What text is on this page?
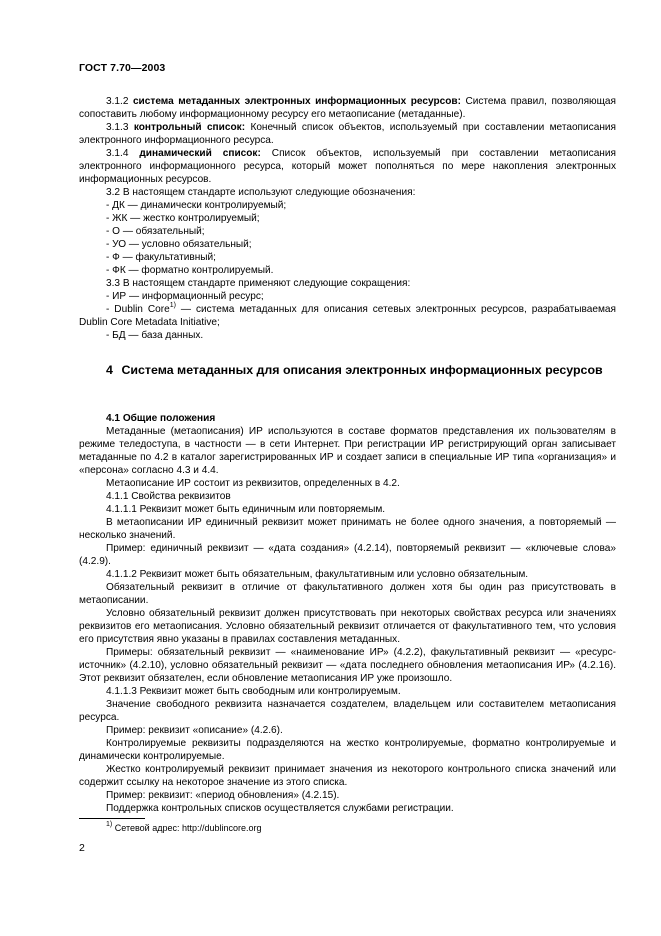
ГОСТ 7.70—2003

3.1.2 система метаданных электронных информационных ресурсов: Система правил, позволяющая сопоставить любому информационному ресурсу его метаописание (метаданные).

3.1.3 контрольный список: Конечный список объектов, используемый при составлении метаописания электронного информационного ресурса.

3.1.4 динамический список: Список объектов, используемый при составлении метаописания электронного информационного ресурса, который может пополняться по мере накопления электронных информационных ресурсов.

3.2 В настоящем стандарте используют следующие обозначения:

- ДК — динамически контролируемый;

- ЖК — жестко контролируемый;

- О — обязательный;

- УО — условно обязательный;

- Ф — факультативный;

- ФК — форматно контролируемый.

3.3 В настоящем стандарте применяют следующие сокращения:

- ИР — информационный ресурс;

- Dublin Core$^{1)}$ — система метаданных для описания сетевых электронных ресурсов, разрабатываемая Dublin Core Metadata Initiative;

- БД — база данных.

4 Система метаданных для описания электронных информационных ресурсов

4.1 Общие положения

Метаданные (метаописания) ИР используются в составе форматов представления их пользователям в режиме теледоступа, в частности — в сети Интернет. При регистрации ИР регистрирующий орган записывает метаданные по 4.2 в каталог зарегистрированных ИР и создает записи в специальные ИР типа «организация» и «персона» согласно 4.3 и 4.4.

Метаописание ИР состоит из реквизитов, определенных в 4.2.

4.1.1 Свойства реквизитов

4.1.1.1 Реквизит может быть единичным или повторяемым.

В метаописании ИР единичный реквизит может принимать не более одного значения, а повторяемый — несколько значений.

Пример: единичный реквизит — «дата создания» (4.2.14), повторяемый реквизит — «ключевые слова» (4.2.9).

4.1.1.2 Реквизит может быть обязательным, факультативным или условно обязательным.

Обязательный реквизит в отличие от факультативного должен хотя бы один раз присутствовать в метаописании.

Условно обязательный реквизит должен присутствовать при некоторых свойствах ресурса или значениях реквизитов его метаописания. Условно обязательный реквизит отличается от факультативного тем, что условия его присутствия явно указаны в правилах составления метаданных.

Примеры: обязательный реквизит — «наименование ИР» (4.2.2), факультативный реквизит — «ресурс-источник» (4.2.10), условно обязательный реквизит — «дата последнего обновления метаописания ИР» (4.2.16). Этот реквизит обязателен, если обновление метаописания ИР уже произошло.

4.1.1.3 Реквизит может быть свободным или контролируемым.

Значение свободного реквизита назначается создателем, владельцем или составителем метаописания ресурса.

Пример: реквизит «описание» (4.2.6).

Контролируемые реквизиты подразделяются на жестко контролируемые, форматно контролируемые и динамически контролируемые.

Жестко контролируемый реквизит принимает значения из некоторого контрольного списка значений или содержит ссылку на некоторое значение из этого списка.

Пример: реквизит: «период обновления» (4.2.15).

Поддержка контрольных списков осуществляется службами регистрации.

$^{1)}$ Сетевой адрес: http://dublincore.org
2
